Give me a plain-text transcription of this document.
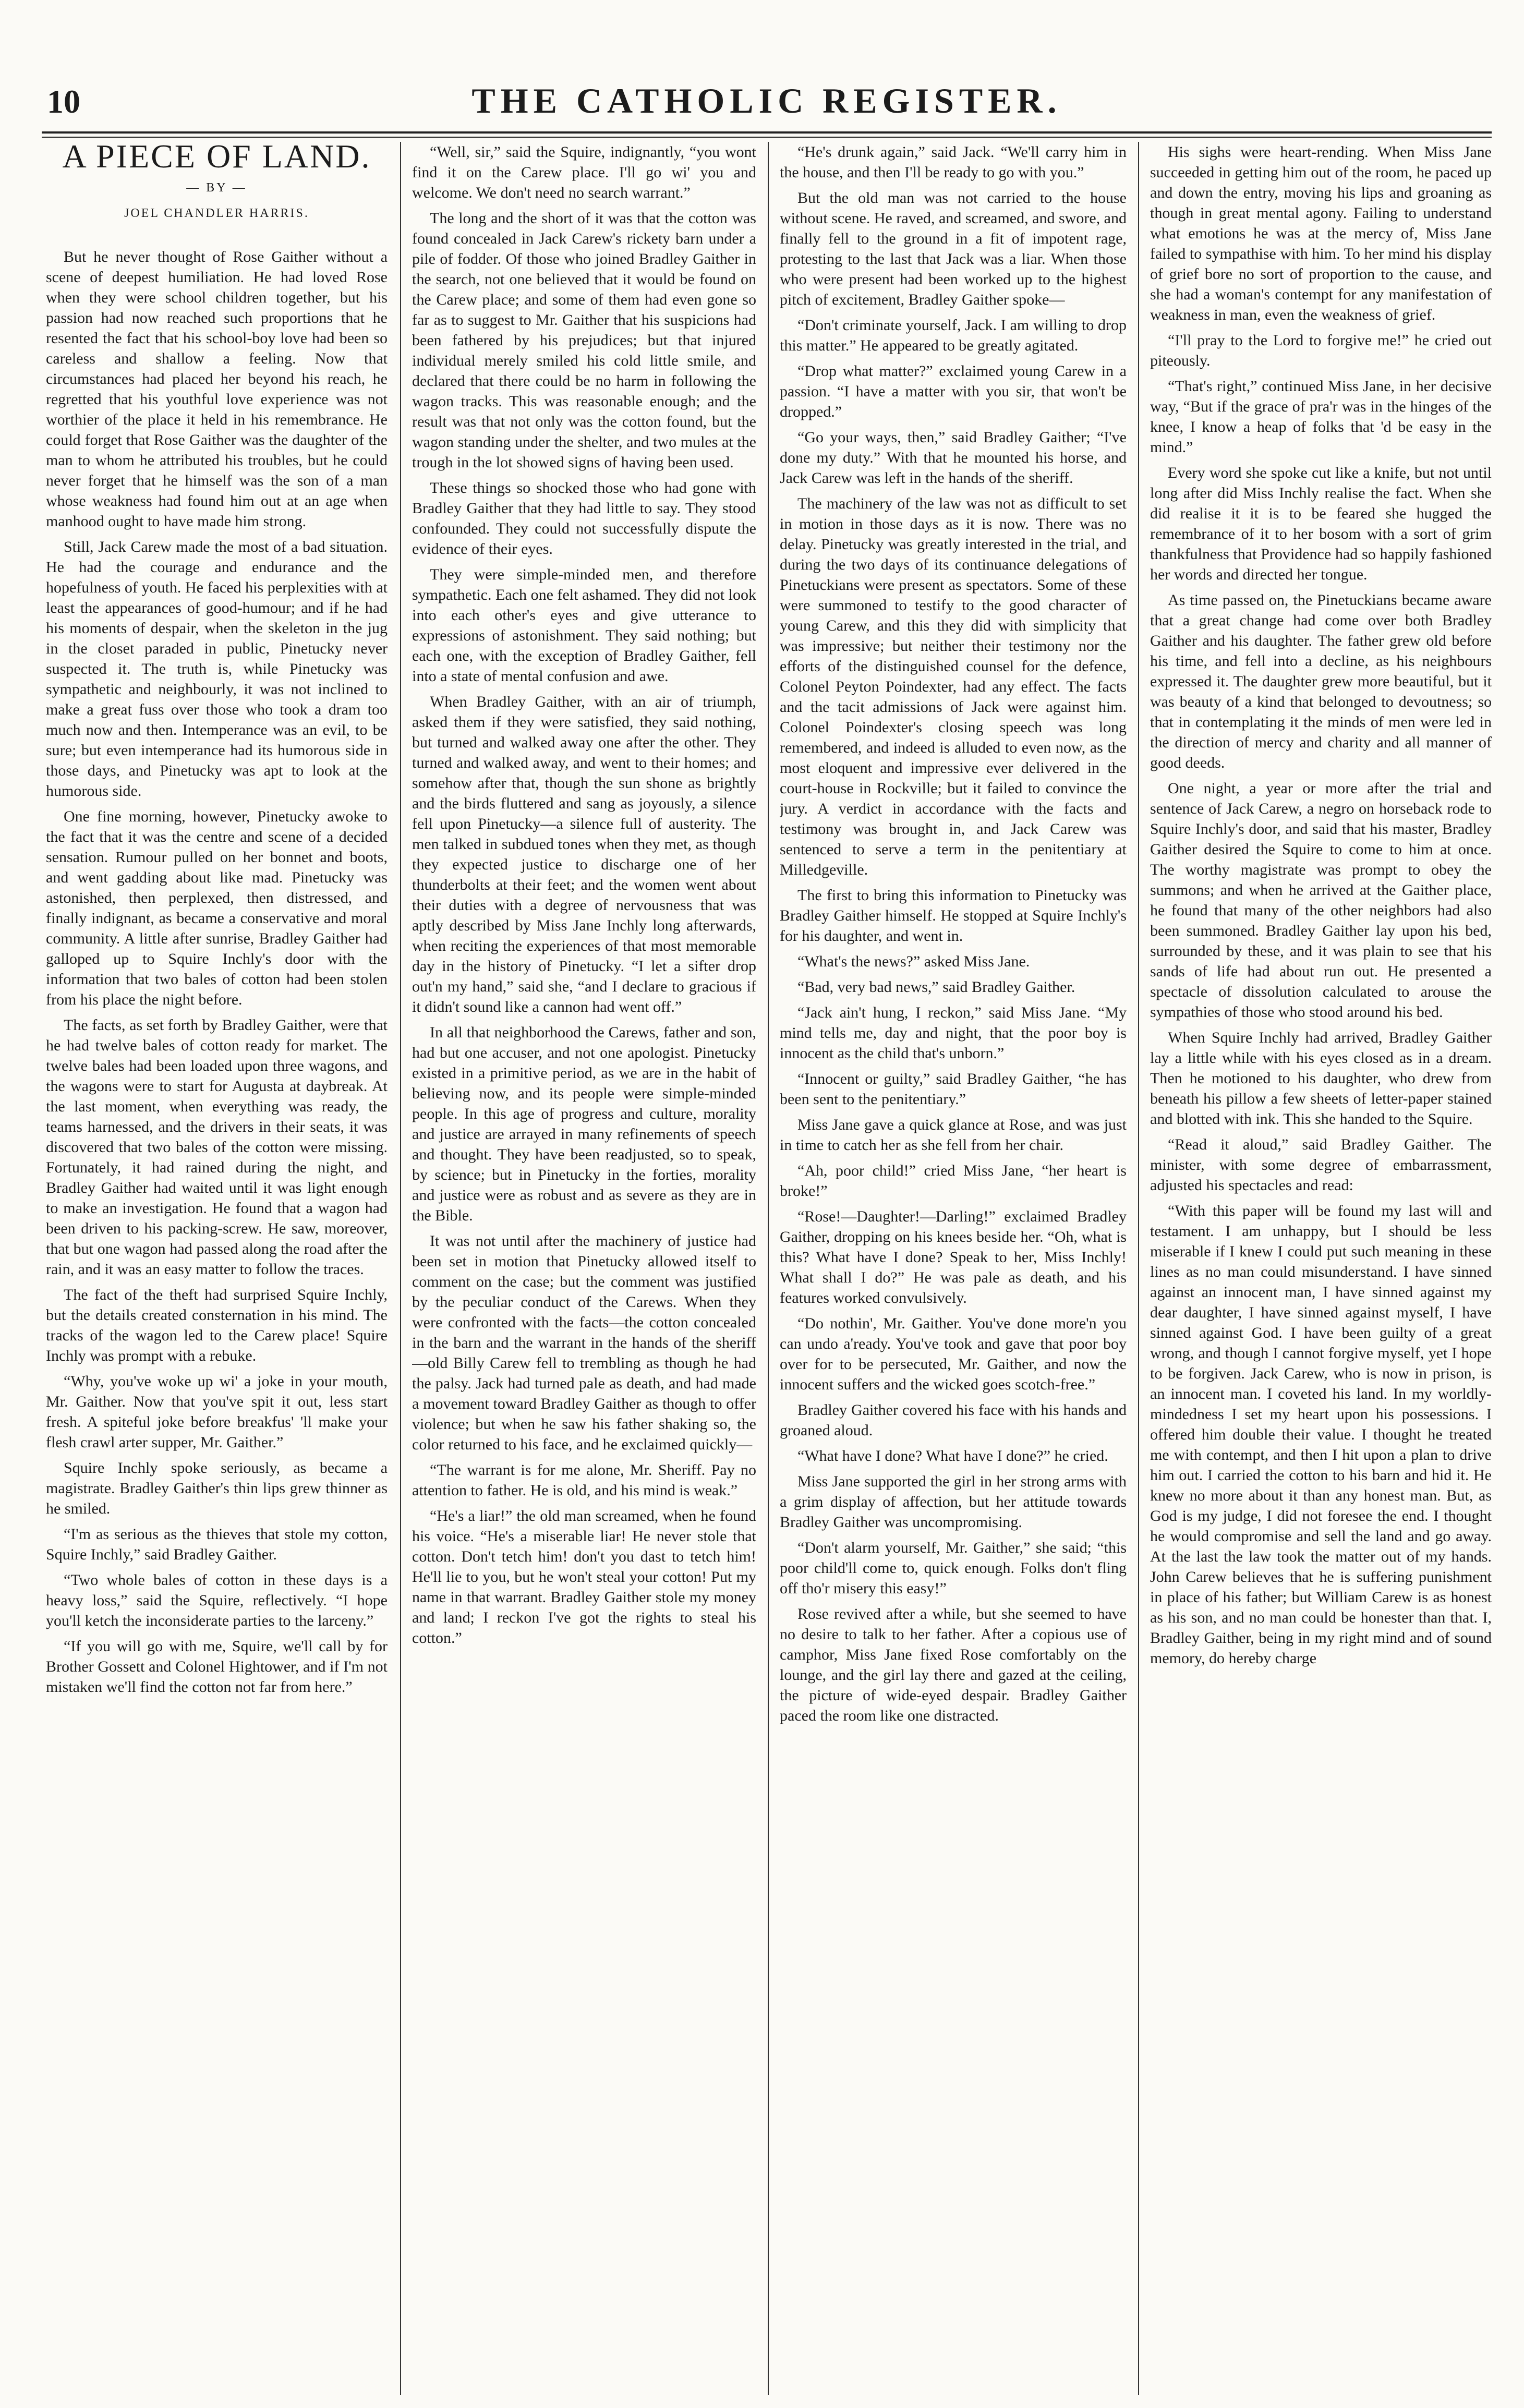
10	THE CATHOLIC REGISTER.
A PIECE OF LAND.
— BY —
JOEL CHANDLER HARRIS.

But he never thought of Rose Gaither without a scene of deepest humiliation. He had loved Rose when they were school children together, but his passion had now reached such proportions that he resented the fact that his school-boy love had been so careless and shallow a feeling. Now that circumstances had placed her beyond his reach, he regretted that his youthful love experience was not worthier of the place it held in his remembrance. He could forget that Rose Gaither was the daughter of the man to whom he attributed his troubles, but he could never forget that he himself was the son of a man whose weakness had found him out at an age when manhood ought to have made him strong.

Still, Jack Carew made the most of a bad situation. He had the courage and endurance and the hopefulness of youth. He faced his perplexities with at least the appearances of good-humour; and if he had his moments of despair, when the skeleton in the jug in the closet paraded in public, Pinetucky never suspected it. The truth is, while Pinetucky was sympathetic and neighbourly, it was not inclined to make a great fuss over those who took a dram too much now and then. Intemperance was an evil, to be sure; but even intemperance had its humorous side in those days, and Pinetucky was apt to look at the humorous side.

One fine morning, however, Pinetucky awoke to the fact that it was the centre and scene of a decided sensation. Rumour pulled on her bonnet and boots, and went gadding about like mad. Pinetucky was astonished, then perplexed, then distressed, and finally indignant, as became a conservative and moral community. A little after sunrise, Bradley Gaither had galloped up to Squire Inchly's door with the information that two bales of cotton had been stolen from his place the night before.

The facts, as set forth by Bradley Gaither, were that he had twelve bales of cotton ready for market. The twelve bales had been loaded upon three wagons, and the wagons were to start for Augusta at daybreak. At the last moment, when everything was ready, the teams harnessed, and the drivers in their seats, it was discovered that two bales of the cotton were missing. Fortunately, it had rained during the night, and Bradley Gaither had waited until it was light enough to make an investigation. He found that a wagon had been driven to his packing-screw. He saw, moreover, that but one wagon had passed along the road after the rain, and it was an easy matter to follow the traces.

The fact of the theft had surprised Squire Inchly, but the details created consternation in his mind. The tracks of the wagon led to the Carew place! Squire Inchly was prompt with a rebuke.

“Why, you've woke up wi' a joke in your mouth, Mr. Gaither. Now that you've spit it out, less start fresh. A spiteful joke before breakfus' 'll make your flesh crawl arter supper, Mr. Gaither.”

Squire Inchly spoke seriously, as became a magistrate. Bradley Gaither's thin lips grew thinner as he smiled.

“I'm as serious as the thieves that stole my cotton, Squire Inchly,” said Bradley Gaither.

“Two whole bales of cotton in these days is a heavy loss,” said the Squire, reflectively. “I hope you'll ketch the inconsiderate parties to the larceny.”

“If you will go with me, Squire, we'll call by for Brother Gossett and Colonel Hightower, and if I'm not mistaken we'll find the cotton not far from here.”

“Well, sir,” said the Squire, indignantly, “you wont find it on the Carew place. I'll go wi' you and welcome. We don't need no search warrant.”

The long and the short of it was that the cotton was found concealed in Jack Carew's rickety barn under a pile of fodder. Of those who joined Bradley Gaither in the search, not one believed that it would be found on the Carew place; and some of them had even gone so far as to suggest to Mr. Gaither that his suspicions had been fathered by his prejudices; but that injured individual merely smiled his cold little smile, and declared that there could be no harm in following the wagon tracks. This was reasonable enough; and the result was that not only was the cotton found, but the wagon standing under the shelter, and two mules at the trough in the lot showed signs of having been used.

These things so shocked those who had gone with Bradley Gaither that they had little to say. They stood confounded. They could not successfully dispute the evidence of their eyes.

They were simple-minded men, and therefore sympathetic. Each one felt ashamed. They did not look into each other's eyes and give utterance to expressions of astonishment. They said nothing; but each one, with the exception of Bradley Gaither, fell into a state of mental confusion and awe.

When Bradley Gaither, with an air of triumph, asked them if they were satisfied, they said nothing, but turned and walked away one after the other. They turned and walked away, and went to their homes; and somehow after that, though the sun shone as brightly and the birds fluttered and sang as joyously, a silence fell upon Pinetucky—a silence full of austerity. The men talked in subdued tones when they met, as though they expected justice to discharge one of her thunderbolts at their feet; and the women went about their duties with a degree of nervousness that was aptly described by Miss Jane Inchly long afterwards, when reciting the experiences of that most memorable day in the history of Pinetucky. “I let a sifter drop out'n my hand,” said she, “and I declare to gracious if it didn't sound like a cannon had went off.”

In all that neighborhood the Carews, father and son, had but one accuser, and not one apologist. Pinetucky existed in a primitive period, as we are in the habit of believing now, and its people were simple-minded people. In this age of progress and culture, morality and justice are arrayed in many refinements of speech and thought. They have been readjusted, so to speak, by science; but in Pinetucky in the forties, morality and justice were as robust and as severe as they are in the Bible.

It was not until after the machinery of justice had been set in motion that Pinetucky allowed itself to comment on the case; but the comment was justified by the peculiar conduct of the Carews. When they were confronted with the facts—the cotton concealed in the barn and the warrant in the hands of the sheriff—old Billy Carew fell to trembling as though he had the palsy. Jack had turned pale as death, and had made a movement toward Bradley Gaither as though to offer violence; but when he saw his father shaking so, the color returned to his face, and he exclaimed quickly—

“The warrant is for me alone, Mr. Sheriff. Pay no attention to father. He is old, and his mind is weak.”

“He's a liar!” the old man screamed, when he found his voice. “He's a miserable liar! He never stole that cotton. Don't tetch him! don't you dast to tetch him! He'll lie to you, but he won't steal your cotton! Put my name in that warrant. Bradley Gaither stole my money and land; I reckon I've got the rights to steal his cotton.”

“He's drunk again,” said Jack. “We'll carry him in the house, and then I'll be ready to go with you.”

But the old man was not carried to the house without scene. He raved, and screamed, and swore, and finally fell to the ground in a fit of impotent rage, protesting to the last that Jack was a liar. When those who were present had been worked up to the highest pitch of excitement, Bradley Gaither spoke—

“Don't criminate yourself, Jack. I am willing to drop this matter.” He appeared to be greatly agitated.

“Drop what matter?” exclaimed young Carew in a passion. “I have a matter with you sir, that won't be dropped.”

“Go your ways, then,” said Bradley Gaither; “I've done my duty.” With that he mounted his horse, and Jack Carew was left in the hands of the sheriff.

The machinery of the law was not as difficult to set in motion in those days as it is now. There was no delay. Pinetucky was greatly interested in the trial, and during the two days of its continuance delegations of Pinetuckians were present as spectators. Some of these were summoned to testify to the good character of young Carew, and this they did with simplicity that was impressive; but neither their testimony nor the efforts of the distinguished counsel for the defence, Colonel Peyton Poindexter, had any effect. The facts and the tacit admissions of Jack were against him. Colonel Poindexter's closing speech was long remembered, and indeed is alluded to even now, as the most eloquent and impressive ever delivered in the court-house in Rockville; but it failed to convince the jury. A verdict in accordance with the facts and testimony was brought in, and Jack Carew was sentenced to serve a term in the penitentiary at Milledgeville.

The first to bring this information to Pinetucky was Bradley Gaither himself. He stopped at Squire Inchly's for his daughter, and went in.

“What's the news?” asked Miss Jane.

“Bad, very bad news,” said Bradley Gaither.

“Jack ain't hung, I reckon,” said Miss Jane. “My mind tells me, day and night, that the poor boy is innocent as the child that's unborn.”

“Innocent or guilty,” said Bradley Gaither, “he has been sent to the penitentiary.”

Miss Jane gave a quick glance at Rose, and was just in time to catch her as she fell from her chair.

“Ah, poor child!” cried Miss Jane, “her heart is broke!”

“Rose!—Daughter!—Darling!” exclaimed Bradley Gaither, dropping on his knees beside her. “Oh, what is this? What have I done? Speak to her, Miss Inchly! What shall I do?” He was pale as death, and his features worked convulsively.

“Do nothin', Mr. Gaither. You've done more'n you can undo a'ready. You've took and gave that poor boy over for to be persecuted, Mr. Gaither, and now the innocent suffers and the wicked goes scotch-free.”

Bradley Gaither covered his face with his hands and groaned aloud.

“What have I done? What have I done?” he cried.

Miss Jane supported the girl in her strong arms with a grim display of affection, but her attitude towards Bradley Gaither was uncompromising.

“Don't alarm yourself, Mr. Gaither,” she said; “this poor child'll come to, quick enough. Folks don't fling off tho'r misery this easy!”

Rose revived after a while, but she seemed to have no desire to talk to her father. After a copious use of camphor, Miss Jane fixed Rose comfortably on the lounge, and the girl lay there and gazed at the ceiling, the picture of wide-eyed despair. Bradley Gaither paced the room like one distracted.

His sighs were heart-rending. When Miss Jane succeeded in getting him out of the room, he paced up and down the entry, moving his lips and groaning as though in great mental agony. Failing to understand what emotions he was at the mercy of, Miss Jane failed to sympathise with him. To her mind his display of grief bore no sort of proportion to the cause, and she had a woman's contempt for any manifestation of weakness in man, even the weakness of grief.

“I'll pray to the Lord to forgive me!” he cried out piteously.

“That's right,” continued Miss Jane, in her decisive way, “But if the grace of pra'r was in the hinges of the knee, I know a heap of folks that 'd be easy in the mind.”

Every word she spoke cut like a knife, but not until long after did Miss Inchly realise the fact. When she did realise it it is to be feared she hugged the remembrance of it to her bosom with a sort of grim thankfulness that Providence had so happily fashioned her words and directed her tongue.

As time passed on, the Pinetuckians became aware that a great change had come over both Bradley Gaither and his daughter. The father grew old before his time, and fell into a decline, as his neighbours expressed it. The daughter grew more beautiful, but it was beauty of a kind that belonged to devoutness; so that in contemplating it the minds of men were led in the direction of mercy and charity and all manner of good deeds.

One night, a year or more after the trial and sentence of Jack Carew, a negro on horseback rode to Squire Inchly's door, and said that his master, Bradley Gaither desired the Squire to come to him at once. The worthy magistrate was prompt to obey the summons; and when he arrived at the Gaither place, he found that many of the other neighbors had also been summoned. Bradley Gaither lay upon his bed, surrounded by these, and it was plain to see that his sands of life had about run out. He presented a spectacle of dissolution calculated to arouse the sympathies of those who stood around his bed.

When Squire Inchly had arrived, Bradley Gaither lay a little while with his eyes closed as in a dream. Then he motioned to his daughter, who drew from beneath his pillow a few sheets of letter-paper stained and blotted with ink. This she handed to the Squire.

“Read it aloud,” said Bradley Gaither. The minister, with some degree of embarrassment, adjusted his spectacles and read:

“With this paper will be found my last will and testament. I am unhappy, but I should be less miserable if I knew I could put such meaning in these lines as no man could misunderstand. I have sinned against an innocent man, I have sinned against my dear daughter, I have sinned against myself, I have sinned against God. I have been guilty of a great wrong, and though I cannot forgive myself, yet I hope to be forgiven. Jack Carew, who is now in prison, is an innocent man. I coveted his land. In my worldly-mindedness I set my heart upon his possessions. I offered him double their value. I thought he treated me with contempt, and then I hit upon a plan to drive him out. I carried the cotton to his barn and hid it. He knew no more about it than any honest man. But, as God is my judge, I did not foresee the end. I thought he would compromise and sell the land and go away. At the last the law took the matter out of my hands. John Carew believes that he is suffering punishment in place of his father; but William Carew is as honest as his son, and no man could be honester than that. I, Bradley Gaither, being in my right mind and of sound memory, do hereby charge
